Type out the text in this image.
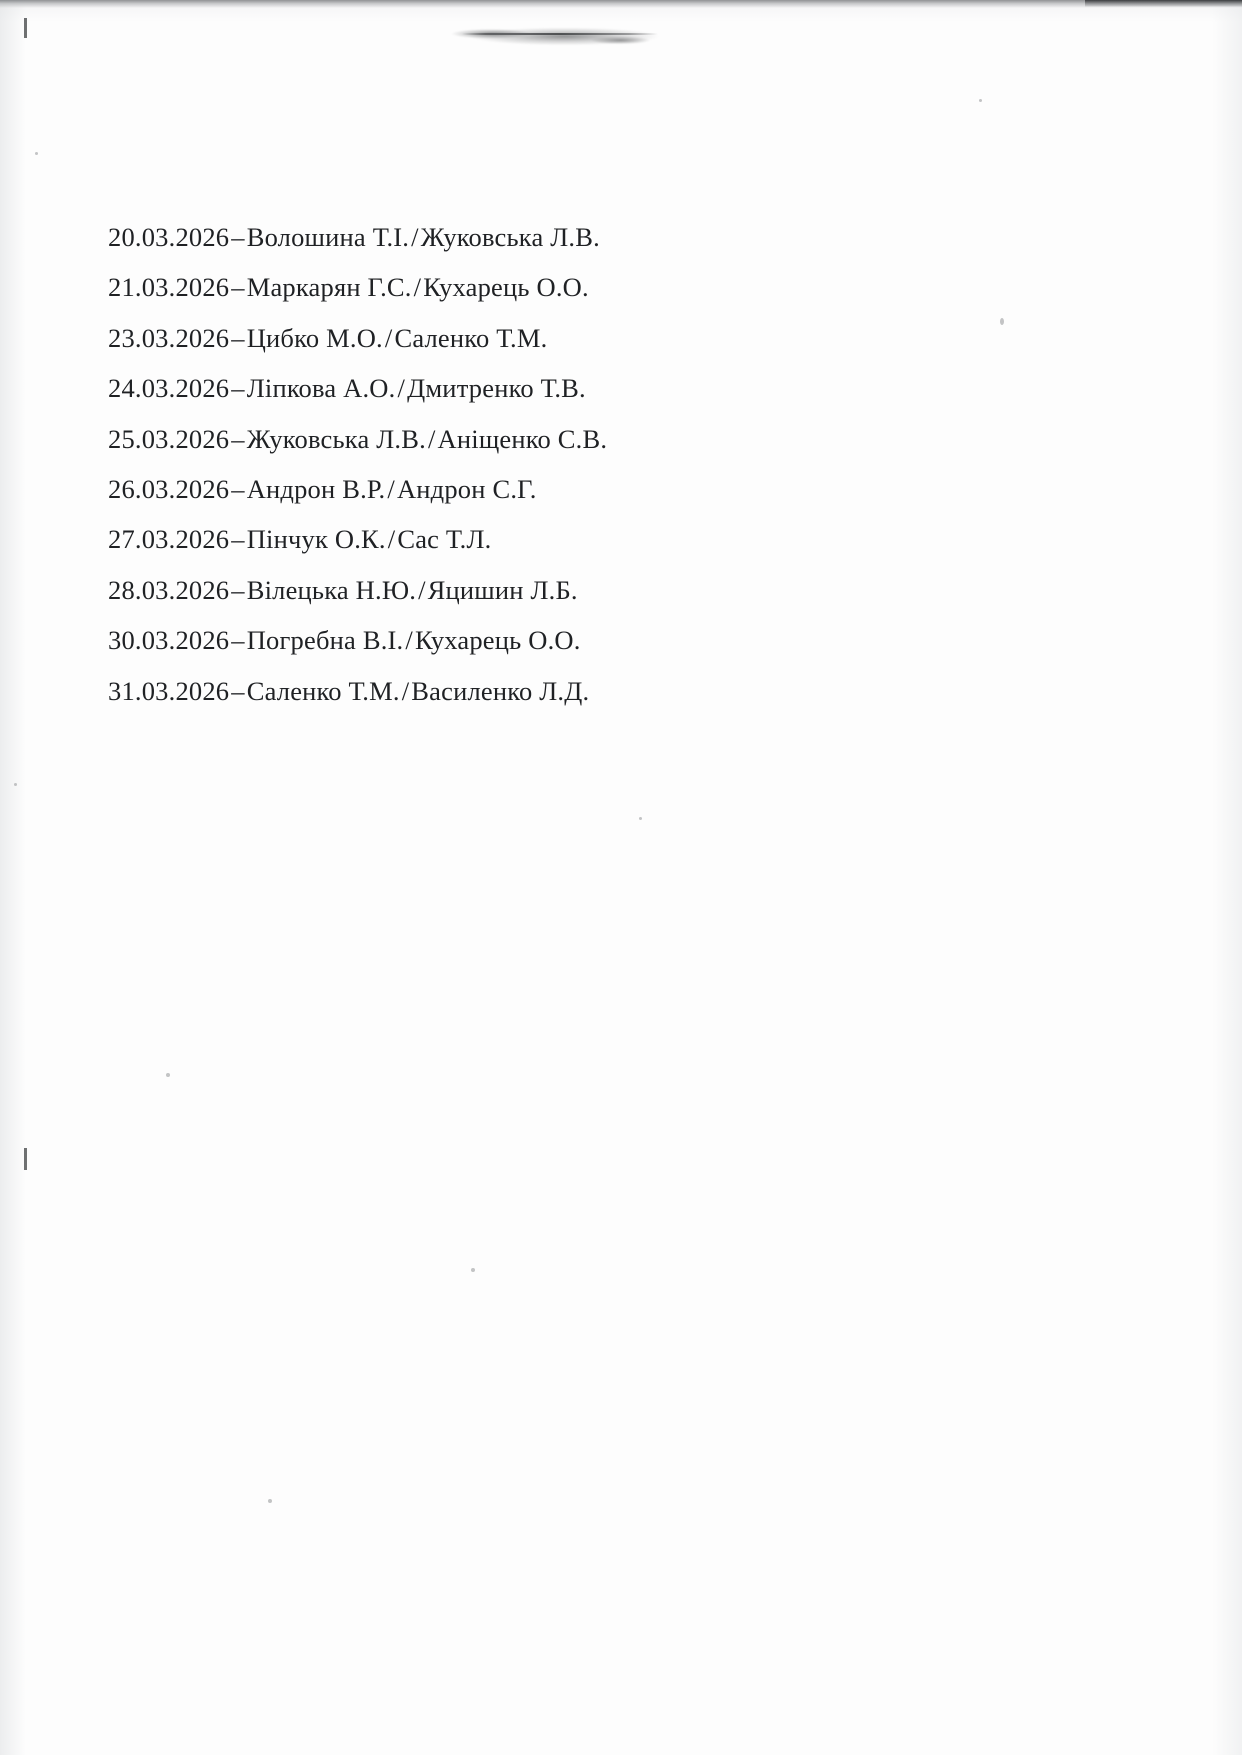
20.03.2026–Волошина Т.І./Жуковська Л.В.
21.03.2026–Маркарян Г.С./Кухарець О.О.
23.03.2026–Цибко М.О./Саленко Т.М.
24.03.2026–Ліпкова А.О./Дмитренко Т.В.
25.03.2026–Жуковська Л.В./Аніщенко С.В.
26.03.2026–Андрон В.Р./Андрон С.Г.
27.03.2026–Пінчук О.К./Сас Т.Л.
28.03.2026–Вілецька Н.Ю./Яцишин Л.Б.
30.03.2026–Погребна В.І./Кухарець О.О.
31.03.2026–Саленко Т.М./Василенко Л.Д.
